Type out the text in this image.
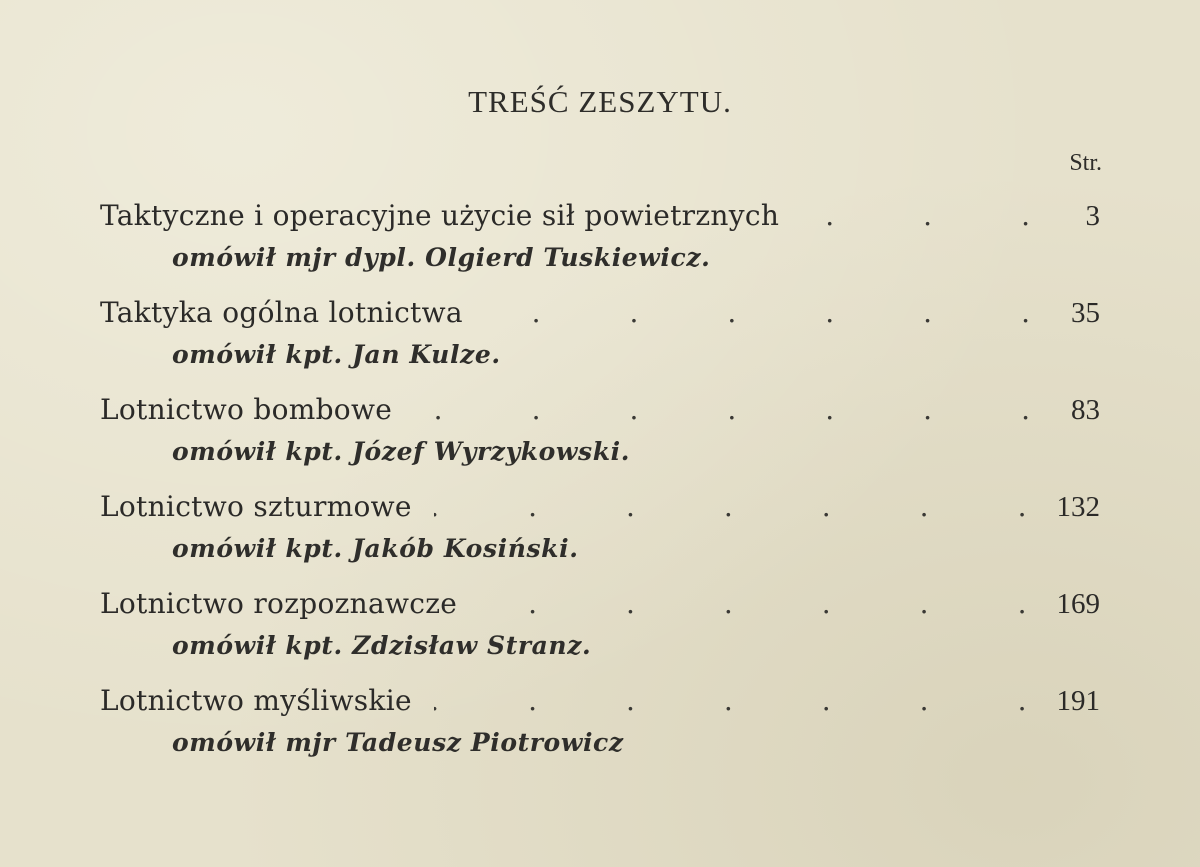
TREŚĆ ZESZYTU.
Str.
Taktyczne i operacyjne użycie sił powietrznych .	3
omówił mjr dypl. Olgierd Tuskiewicz.
Taktyka ogólna lotnictwa .	35
omówił kpt. Jan Kulze.
Lotnictwo bombowe .	83
omówił kpt. Józef Wyrzykowski.
Lotnictwo szturmowe .	132
omówił kpt. Jakób Kosiński.
Lotnictwo rozpoznawcze .	169
omówił kpt. Zdzisław Stranz.
Lotnictwo myśliwskie .	191
omówił mjr Tadeusz Piotrowicz
